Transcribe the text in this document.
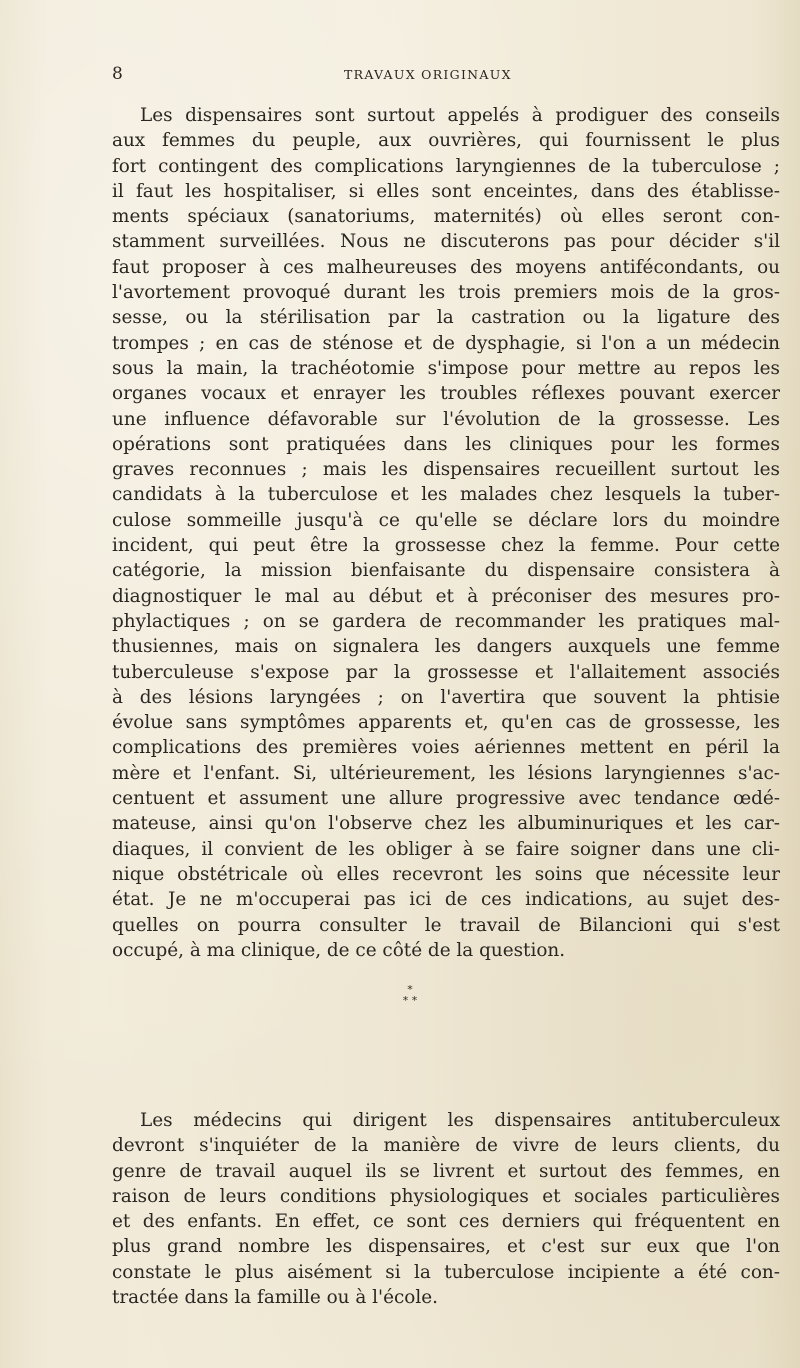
8	TRAVAUX ORIGINAUX
Les dispensaires sont surtout appelés à prodiguer des conseils
aux femmes du peuple, aux ouvrières, qui fournissent le plus
fort contingent des complications laryngiennes de la tuberculose ;
il faut les hospitaliser, si elles sont enceintes, dans des établisse-
ments spéciaux (sanatoriums, maternités) où elles seront con-
stamment surveillées. Nous ne discuterons pas pour décider s'il
faut proposer à ces malheureuses des moyens antifécondants, ou
l'avortement provoqué durant les trois premiers mois de la gros-
sesse, ou la stérilisation par la castration ou la ligature des
trompes ; en cas de sténose et de dysphagie, si l'on a un médecin
sous la main, la trachéotomie s'impose pour mettre au repos les
organes vocaux et enrayer les troubles réflexes pouvant exercer
une influence défavorable sur l'évolution de la grossesse. Les
opérations sont pratiquées dans les cliniques pour les formes
graves reconnues ; mais les dispensaires recueillent surtout les
candidats à la tuberculose et les malades chez lesquels la tuber-
culose sommeille jusqu'à ce qu'elle se déclare lors du moindre
incident, qui peut être la grossesse chez la femme. Pour cette
catégorie, la mission bienfaisante du dispensaire consistera à
diagnostiquer le mal au début et à préconiser des mesures pro-
phylactiques ; on se gardera de recommander les pratiques mal-
thusiennes, mais on signalera les dangers auxquels une femme
tuberculeuse s'expose par la grossesse et l'allaitement associés
à des lésions laryngées ; on l'avertira que souvent la phtisie
évolue sans symptômes apparents et, qu'en cas de grossesse, les
complications des premières voies aériennes mettent en péril la
mère et l'enfant. Si, ultérieurement, les lésions laryngiennes s'ac-
centuent et assument une allure progressive avec tendance œdé-
mateuse, ainsi qu'on l'observe chez les albuminuriques et les car-
diaques, il convient de les obliger à se faire soigner dans une cli-
nique obstétricale où elles recevront les soins que nécessite leur
état. Je ne m'occuperai pas ici de ces indications, au sujet des-
quelles on pourra consulter le travail de Bilancioni qui s'est
occupé, à ma clinique, de ce côté de la question.
*
* *
Les médecins qui dirigent les dispensaires antituberculeux
devront s'inquiéter de la manière de vivre de leurs clients, du
genre de travail auquel ils se livrent et surtout des femmes, en
raison de leurs conditions physiologiques et sociales particulières
et des enfants. En effet, ce sont ces derniers qui fréquentent en
plus grand nombre les dispensaires, et c'est sur eux que l'on
constate le plus aisément si la tuberculose incipiente a été con-
tractée dans la famille ou à l'école.
